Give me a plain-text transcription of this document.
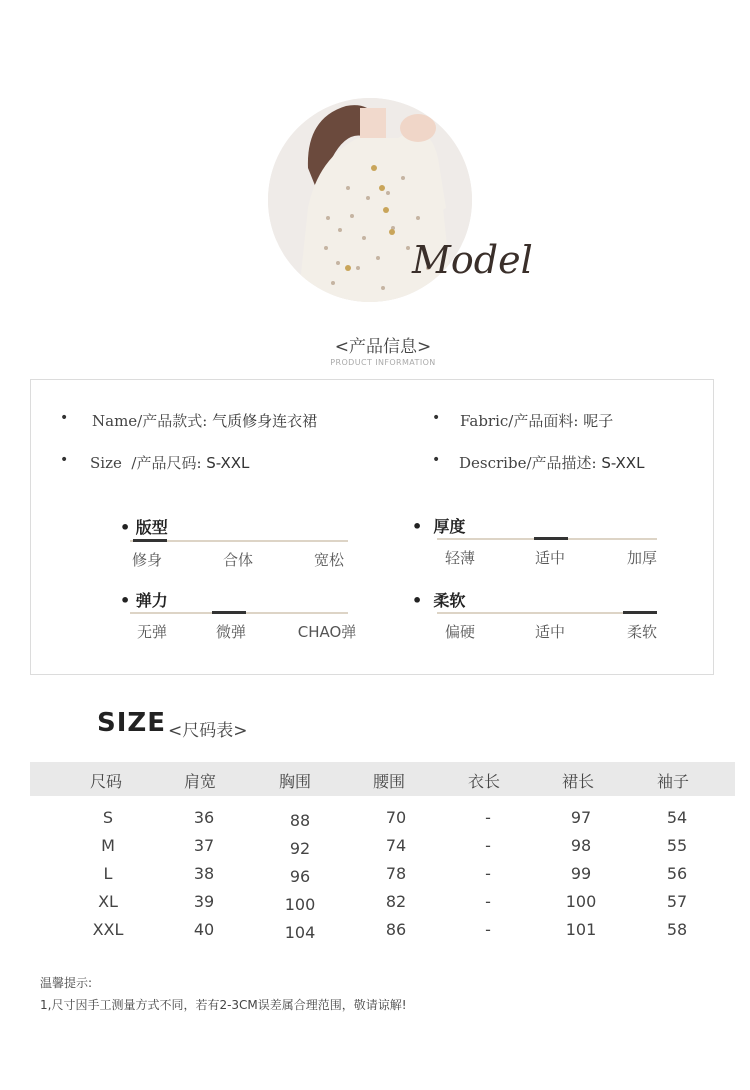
Model
<产品信息>
PRODUCT INFORMATION
• Name/产品款式: 气质修身连衣裙	• Fabric/产品面料: 呢子
• Size  /产品尺码: S-XXL	• Describe/产品描述: S-XXL
• 版型
修身	合体	宽松
•  厚度
轻薄	适中	加厚
• 弹力
无弹	微弹	CHAO弹
•  柔软
偏硬	适中	柔软
SIZE <尺码表>
尺码	肩宽	胸围	腰围	衣长	裙长	袖子
S	36	88	70	-	97	54
M	37	92	74	-	98	55
L	38	96	78	-	99	56
XL	39	100	82	-	100	57
XXL	40	104	86	-	101	58
温馨提示:
1,尺寸因手工测量方式不同，若有2-3CM误差属合理范围，敬请谅解!
